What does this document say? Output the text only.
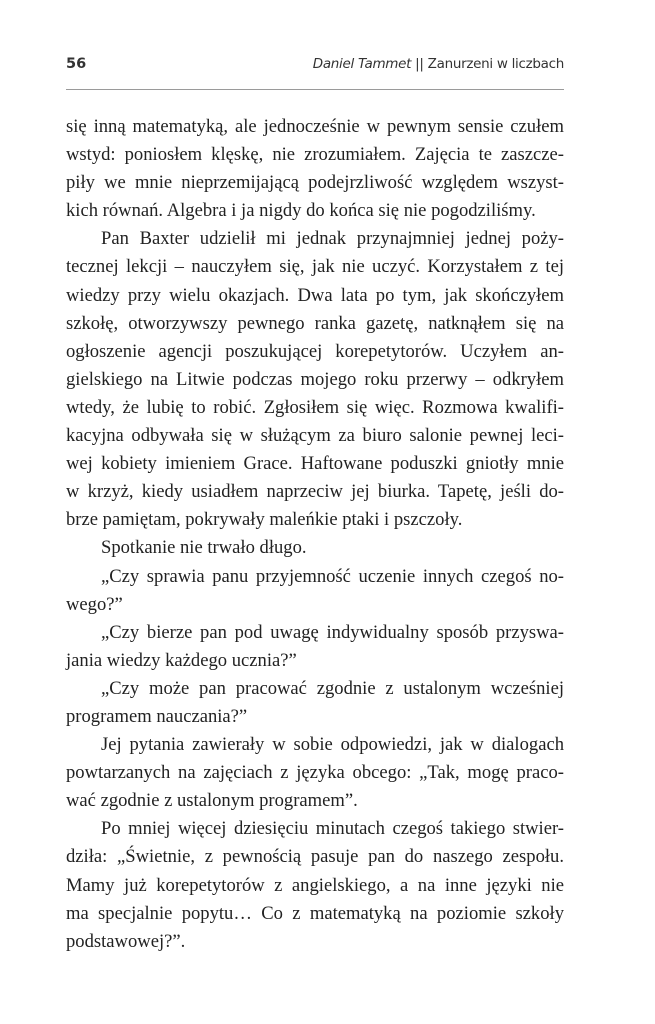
56	Daniel Tammet || Zanurzeni w liczbach
się inną matematyką, ale jednocześnie w pewnym sensie czułem
wstyd: poniosłem klęskę, nie zrozumiałem. Zajęcia te zaszcze-
piły we mnie nieprzemijającą podejrzliwość względem wszyst-
kich równań. Algebra i ja nigdy do końca się nie pogodziliśmy.
Pan Baxter udzielił mi jednak przynajmniej jednej poży-
tecznej lekcji – nauczyłem się, jak nie uczyć. Korzystałem z tej
wiedzy przy wielu okazjach. Dwa lata po tym, jak skończyłem
szkołę, otworzywszy pewnego ranka gazetę, natknąłem się na
ogłoszenie agencji poszukującej korepetytorów. Uczyłem an-
gielskiego na Litwie podczas mojego roku przerwy – odkryłem
wtedy, że lubię to robić. Zgłosiłem się więc. Rozmowa kwalifi-
kacyjna odbywała się w służącym za biuro salonie pewnej leci-
wej kobiety imieniem Grace. Haftowane poduszki gniotły mnie
w krzyż, kiedy usiadłem naprzeciw jej biurka. Tapetę, jeśli do-
brze pamiętam, pokrywały maleńkie ptaki i pszczoły.
Spotkanie nie trwało długo.
„Czy sprawia panu przyjemność uczenie innych czegoś no-
wego?”
„Czy bierze pan pod uwagę indywidualny sposób przyswa-
jania wiedzy każdego ucznia?”
„Czy może pan pracować zgodnie z ustalonym wcześniej
programem nauczania?”
Jej pytania zawierały w sobie odpowiedzi, jak w dialogach
powtarzanych na zajęciach z języka obcego: „Tak, mogę praco-
wać zgodnie z ustalonym programem”.
Po mniej więcej dziesięciu minutach czegoś takiego stwier-
dziła: „Świetnie, z pewnością pasuje pan do naszego zespołu.
Mamy już korepetytorów z angielskiego, a na inne języki nie
ma specjalnie popytu… Co z matematyką na poziomie szkoły
podstawowej?”.
